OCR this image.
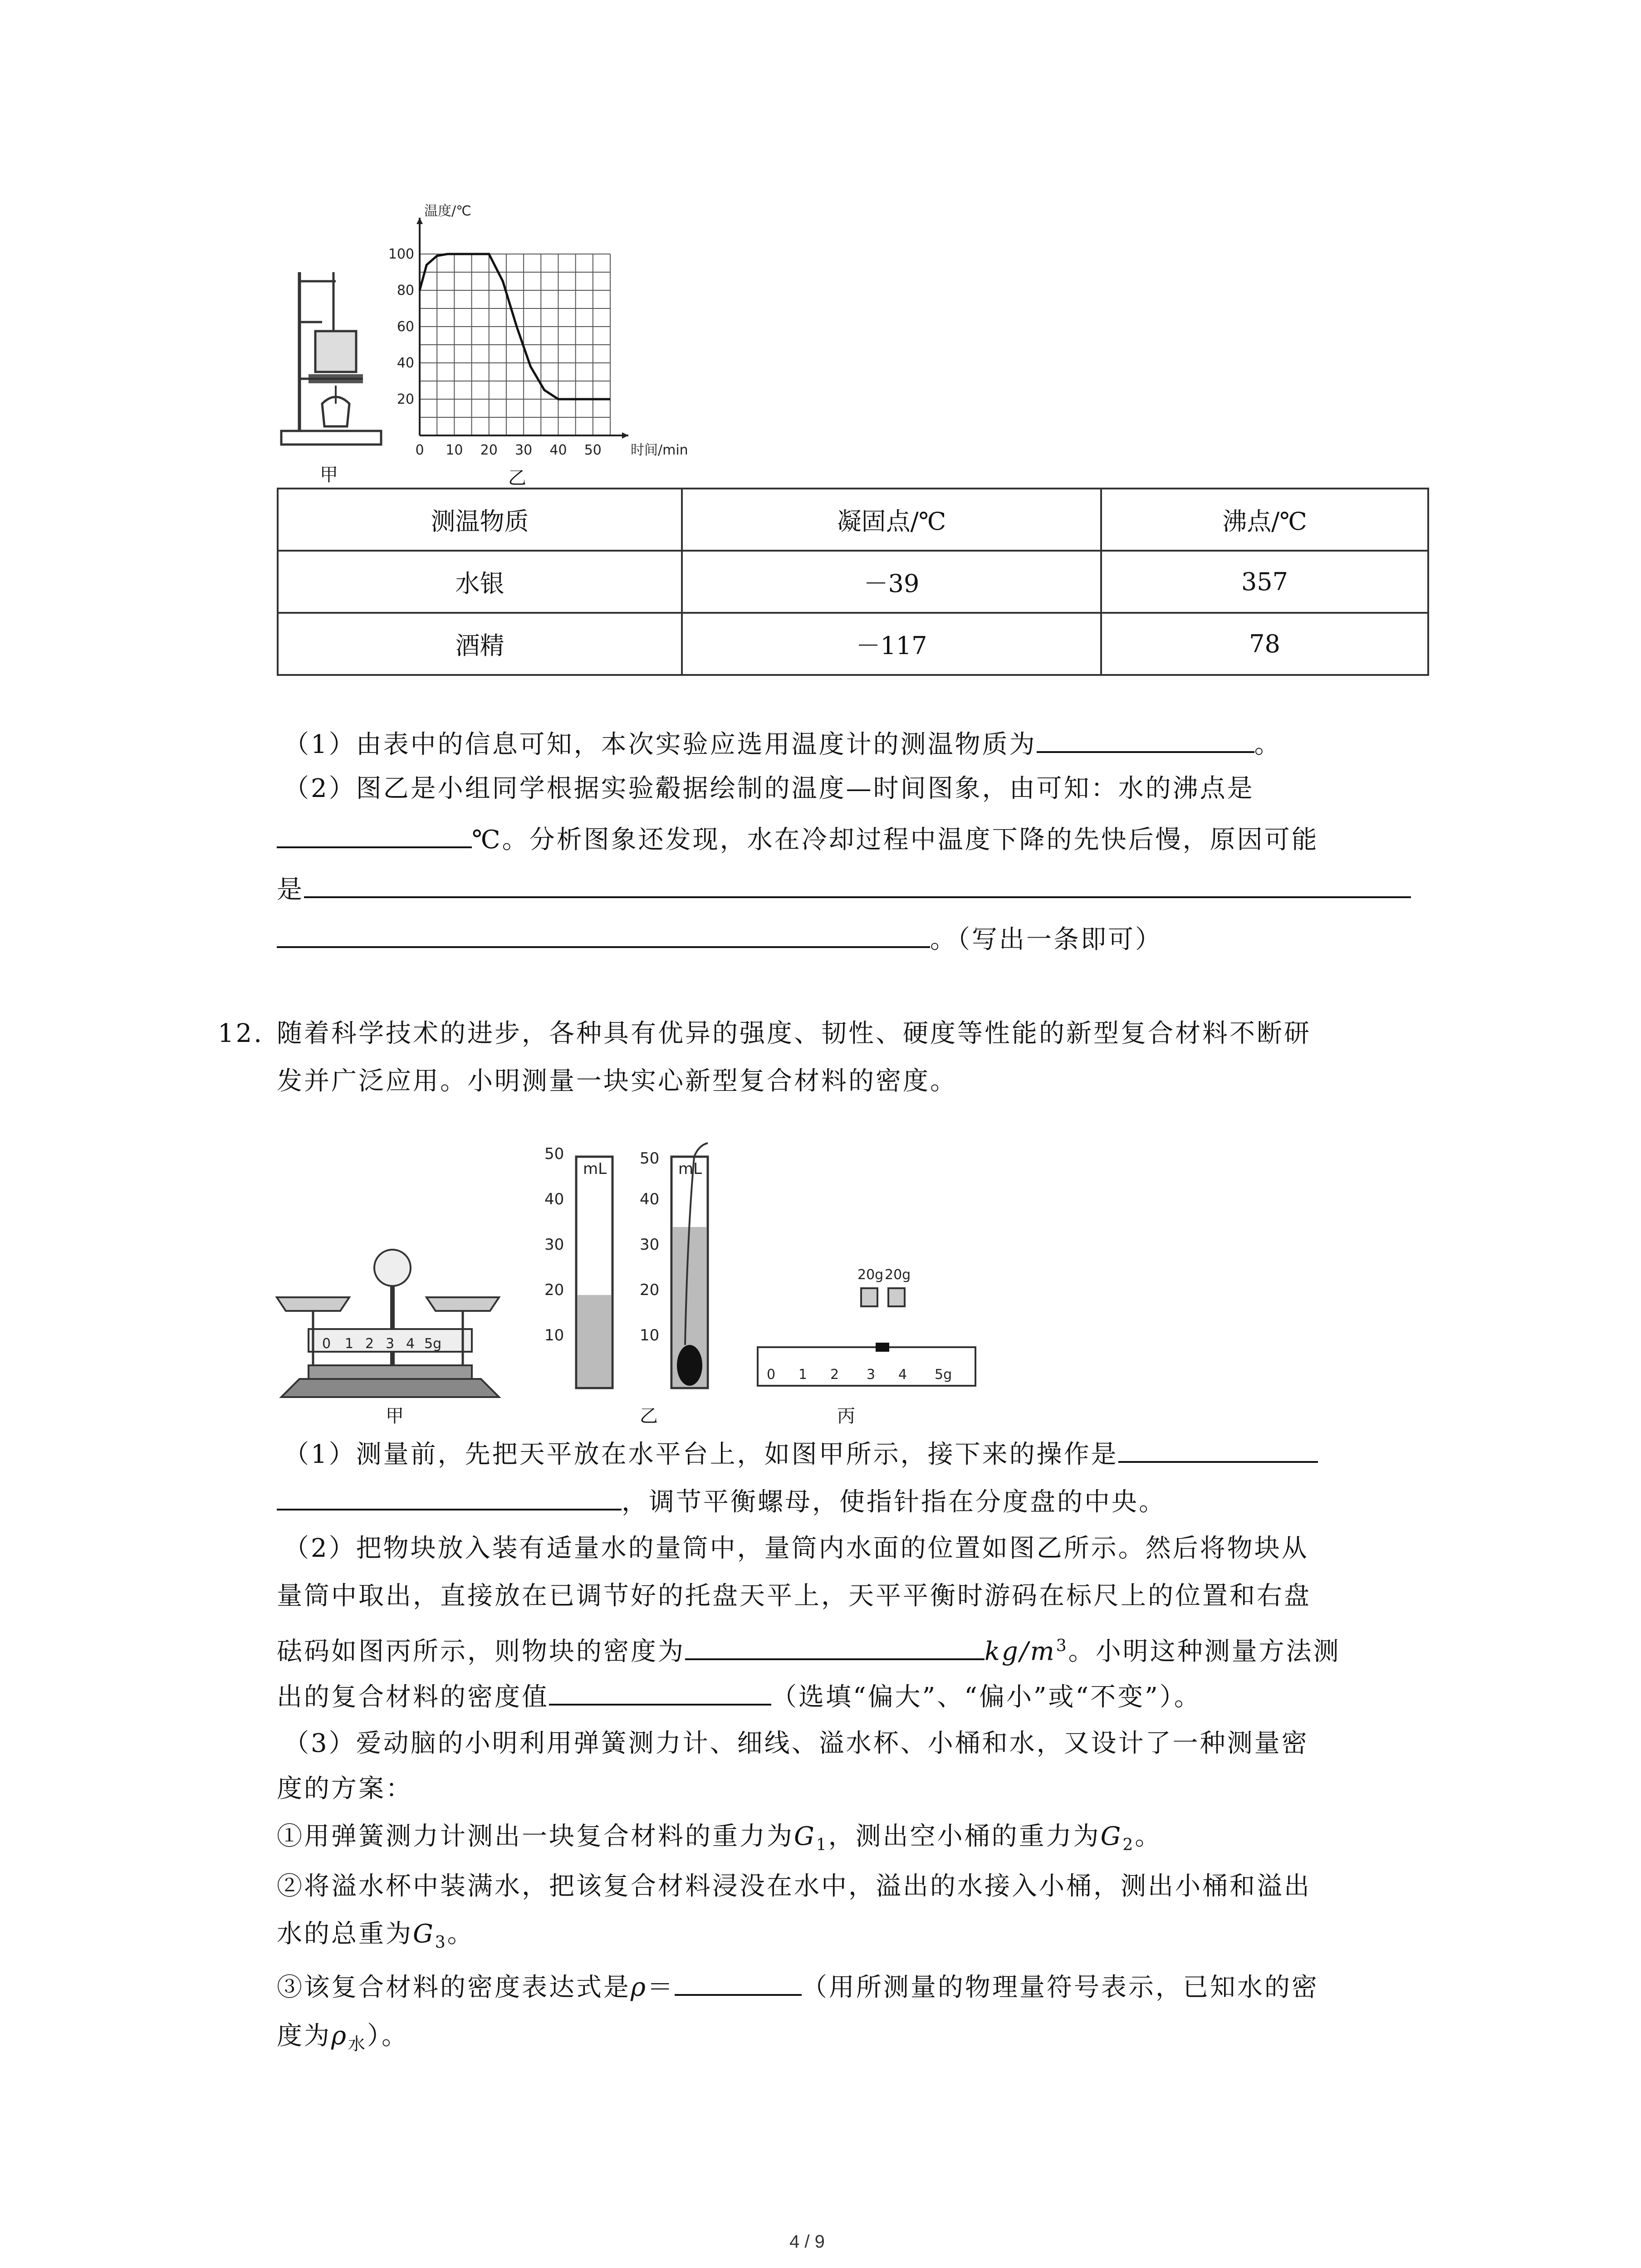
甲
0 10 20 30 40 50
20
40
60
80
100
温度/℃
时间/min
乙
测温物质	凝固点/℃	沸点/℃
水银	－39	357
酒精	－117	78
（1）由表中的信息可知，本次实验应选用温度计的测温物质为	。
（2）图乙是小组同学根据实验觳据绘制的温度—时间图象，由可知：水的沸点是
℃。分析图象还发现，水在冷却过程中温度下降的先快后慢，原因可能
是
。（写出一条即可）
12. 随着科学技术的进步，各种具有优异的强度、韧性、硬度等性能的新型复合材料不断研
发并广泛应用。小明测量一块实心新型复合材料的密度。
0 1 2 3 4 5g
甲
mL
10
20
30
40
50
mL
10
20
30
40
50
乙
20g 20g
0 1 2 3 4 5g
丙
（1）测量前，先把天平放在水平台上，如图甲所示，接下来的操作是
，调节平衡螺母，使指针指在分度盘的中央。
（2）把物块放入装有适量水的量筒中，量筒内水面的位置如图乙所示。然后将物块从
量筒中取出，直接放在已调节好的托盘天平上，天平平衡时游码在标尺上的位置和右盘
砝码如图丙所示，则物块的密度为	$kg/m^3$。小明这种测量方法测
出的复合材料的密度值	（选填“偏大”、“偏小”或“不变”）。
（3）爱动脑的小明利用弹簧测力计、细线、溢水杯、小桶和水，又设计了一种测量密
度的方案：
①用弹簧测力计测出一块复合材料的重力为$G_1$，测出空小桶的重力为$G_2$。
②将溢水杯中装满水，把该复合材料浸没在水中，溢出的水接入小桶，测出小桶和溢出
水的总重为$G_3$。
③该复合材料的密度表达式是ρ＝	（用所测量的物理量符号表示，已知水的密
度为$\rho_水$）。
4 / 9
